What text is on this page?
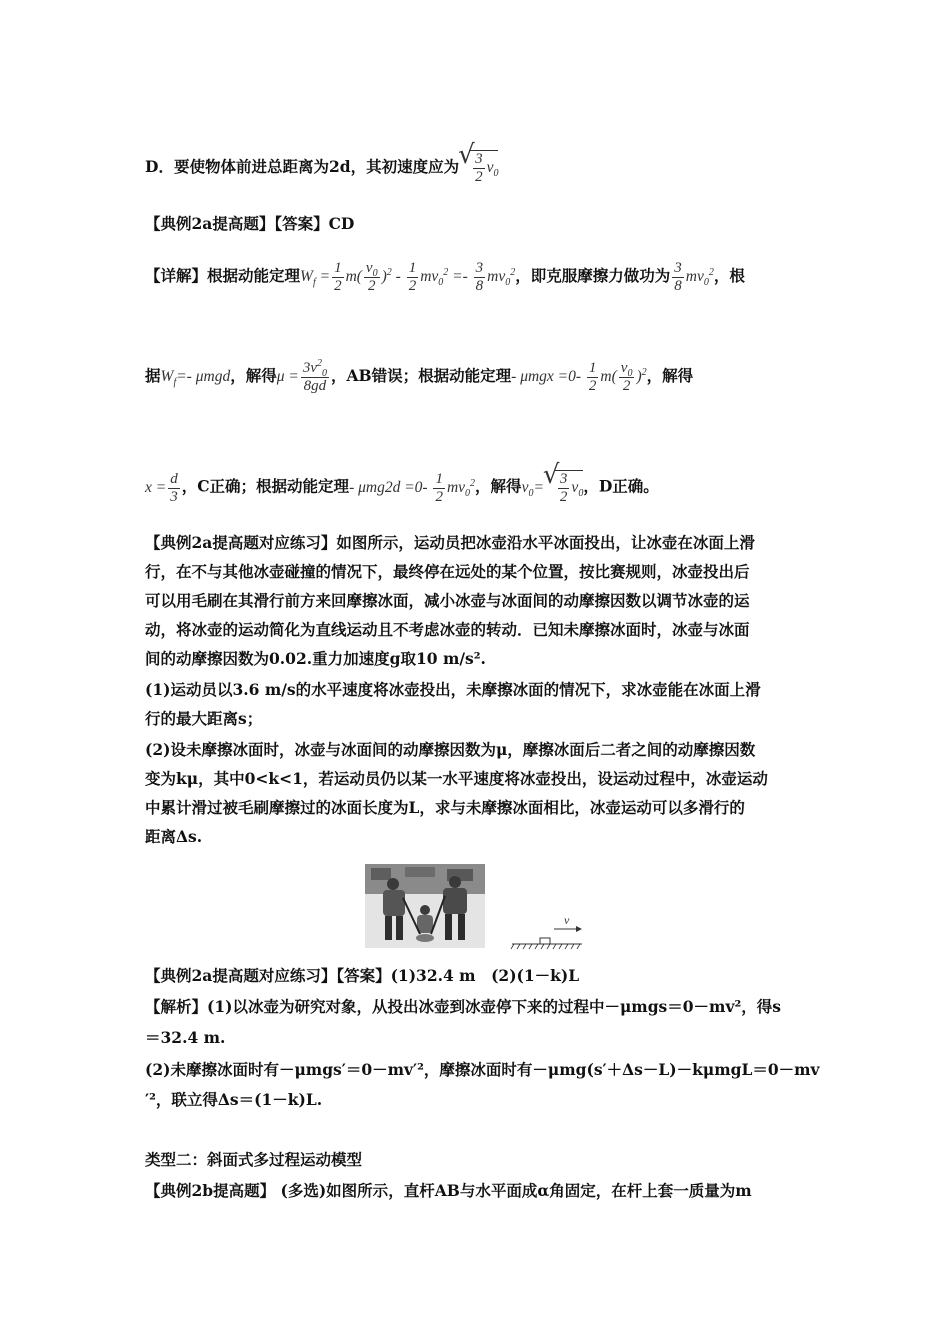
D．要使物体前进总距离为2d，其初速度应为 √ $\frac{3}{2} v_0$
【典例2a提高题】【答案】CD
【详解】根据动能定理$W_f = \frac{1}{2} m( \frac{v_0}{2} )^2 - \frac{1}{2} mv_0^2 =- \frac{3}{8} mv_0^2$，即克服摩擦力做功为 $\frac{3}{8} mv_0^2$，根
据$W_f=-$ μmgd，解得$\mu = \frac{3v^2_0}{8gd}$ ，AB错误；根据动能定理- $\mu mgx =0- \frac{1}{2} m( \frac{v_0}{2} )^2$，解得
$x = \frac{d}{3}$ ，C正确；根据动能定理- $\mu mg2d =0- \frac{1}{2} mv_0^2$，解得$v_0=$ √ $\frac{3}{2} v_0$，D正确。
【典例2a提高题对应练习】如图所示，运动员把冰壶沿水平冰面投出，让冰壶在冰面上滑
行，在不与其他冰壶碰撞的情况下，最终停在远处的某个位置，按比赛规则，冰壶投出后
可以用毛刷在其滑行前方来回摩擦冰面，减小冰壶与冰面间的动摩擦因数以调节冰壶的运
动，将冰壶的运动简化为直线运动且不考虑冰壶的转动．已知未摩擦冰面时，冰壶与冰面
间的动摩擦因数为0.02.重力加速度g取10 m/s².
(1)运动员以3.6 m/s的水平速度将冰壶投出，未摩擦冰面的情况下，求冰壶能在冰面上滑
行的最大距离s；
(2)设未摩擦冰面时，冰壶与冰面间的动摩擦因数为μ，摩擦冰面后二者之间的动摩擦因数
变为kμ，其中0<k<1，若运动员仍以某一水平速度将冰壶投出，设运动过程中，冰壶运动
中累计滑过被毛刷摩擦过的冰面长度为L，求与未摩擦冰面相比，冰壶运动可以多滑行的
距离Δs.
v
【典例2a提高题对应练习】【答案】(1)32.4 m　(2)(1－k)L
【解析】(1)以冰壶为研究对象，从投出冰壶到冰壶停下来的过程中－μmgs＝0－mv²，得s
＝32.4 m.
(2)未摩擦冰面时有－μmgs′＝0－mv′²，摩擦冰面时有－μmg(s′＋Δs－L)－kμmgL＝0－mv
′²，联立得Δs＝(1－k)L.
类型二：斜面式多过程运动模型
【典例2b提高题】 (多选)如图所示，直杆AB与水平面成α角固定，在杆上套一质量为m
